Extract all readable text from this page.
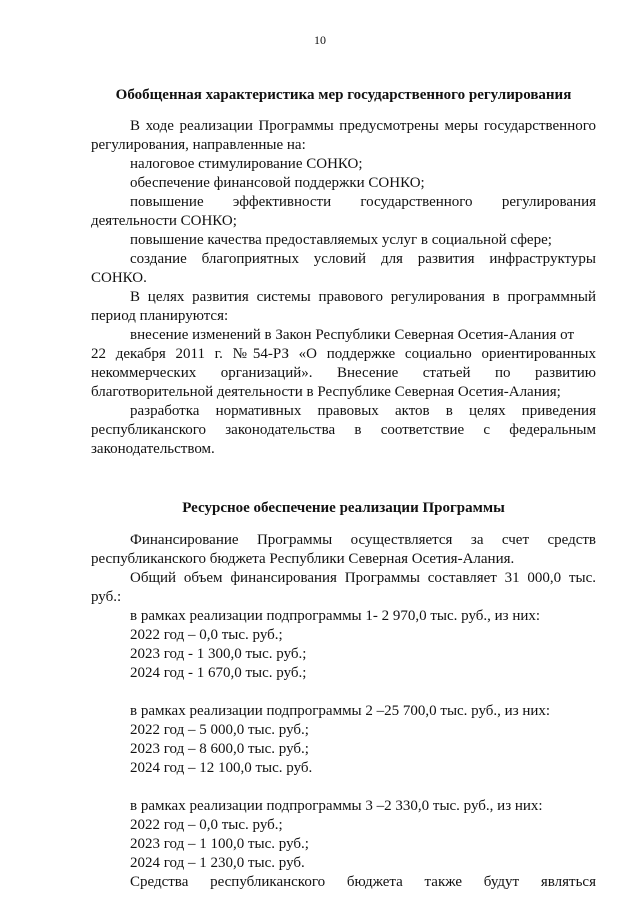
10
Обобщенная характеристика мер государственного регулирования

В ходе реализации Программы предусмотрены меры государственного регулирования, направленные на:

налоговое стимулирование СОНКО;

обеспечение финансовой поддержки СОНКО;

повышение эффективности государственного регулирования деятельности СОНКО;

повышение качества предоставляемых услуг в социальной сфере;

создание благоприятных условий для развития инфраструктуры СОНКО.

В целях развития системы правового регулирования в программный период планируются:

внесение изменений в Закон Республики Северная Осетия-Алания от

22 декабря 2011 г. №54-РЗ «О поддержке социально ориентированных некоммерческих организаций». Внесение статьей по развитию благотворительной деятельности в Республике Северная Осетия-Алания;

разработка нормативных правовых актов в целях приведения республиканского законодательства в соответствие с федеральным законодательством.

Ресурсное обеспечение реализации Программы

Финансирование Программы осуществляется за счет средств республиканского бюджета Республики Северная Осетия-Алания.

Общий объем финансирования Программы составляет 31 000,0 тыс. руб.:

в рамках реализации подпрограммы 1- 2 970,0 тыс. руб., из них:

2022 год – 0,0 тыс. руб.;

2023 год - 1 300,0 тыс. руб.;

2024 год - 1 670,0 тыс. руб.;

в рамках реализации подпрограммы 2 –25 700,0 тыс. руб., из них:

2022 год – 5 000,0 тыс. руб.;

2023 год – 8 600,0 тыс. руб.;

2024 год – 12 100,0 тыс. руб.

в рамках реализации подпрограммы 3 –2 330,0 тыс. руб., из них:

2022 год – 0,0 тыс. руб.;

2023 год – 1 100,0 тыс. руб.;

2024 год – 1 230,0 тыс. руб.

Средства республиканского бюджета также будут являться
